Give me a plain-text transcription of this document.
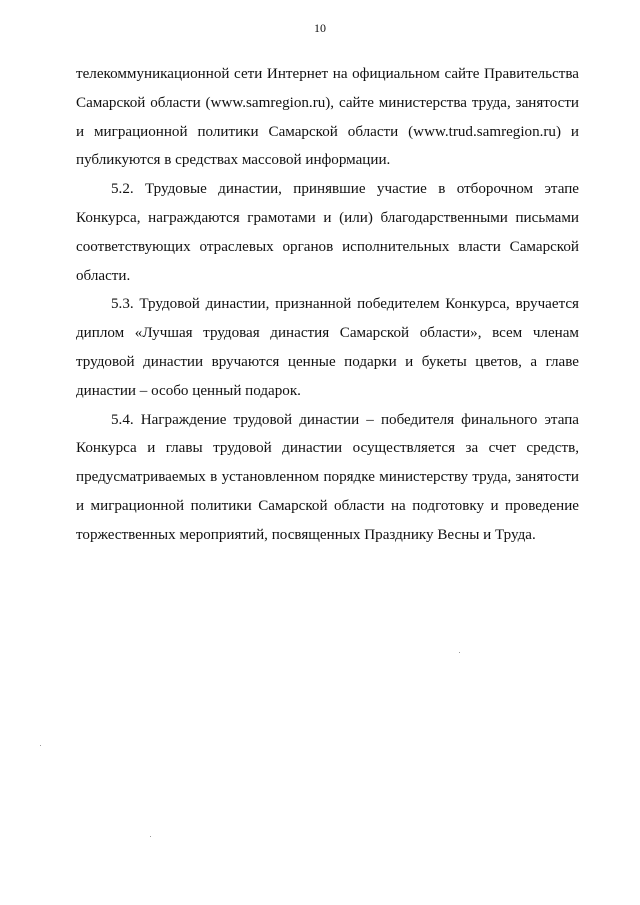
10
телекоммуникационной сети Интернет на официальном сайте Правительства
Самарской области (www.samregion.ru), сайте министерства труда, занятости
и миграционной политики Самарской области (www.trud.samregion.ru) и
публикуются в средствах массовой информации.
5.2. Трудовые династии, принявшие участие в отборочном этапе
Конкурса, награждаются грамотами и (или) благодарственными письмами
соответствующих отраслевых органов исполнительных власти Самарской
области.
5.3. Трудовой династии, признанной победителем Конкурса, вручается
диплом «Лучшая трудовая династия Самарской области», всем членам
трудовой династии вручаются ценные подарки и букеты цветов, а главе
династии – особо ценный подарок.
5.4. Награждение трудовой династии – победителя финального этапа
Конкурса и главы трудовой династии осуществляется за счет средств,
предусматриваемых в установленном порядке министерству труда, занятости
и миграционной политики Самарской области на подготовку и проведение
торжественных мероприятий, посвященных Празднику Весны и Труда.
